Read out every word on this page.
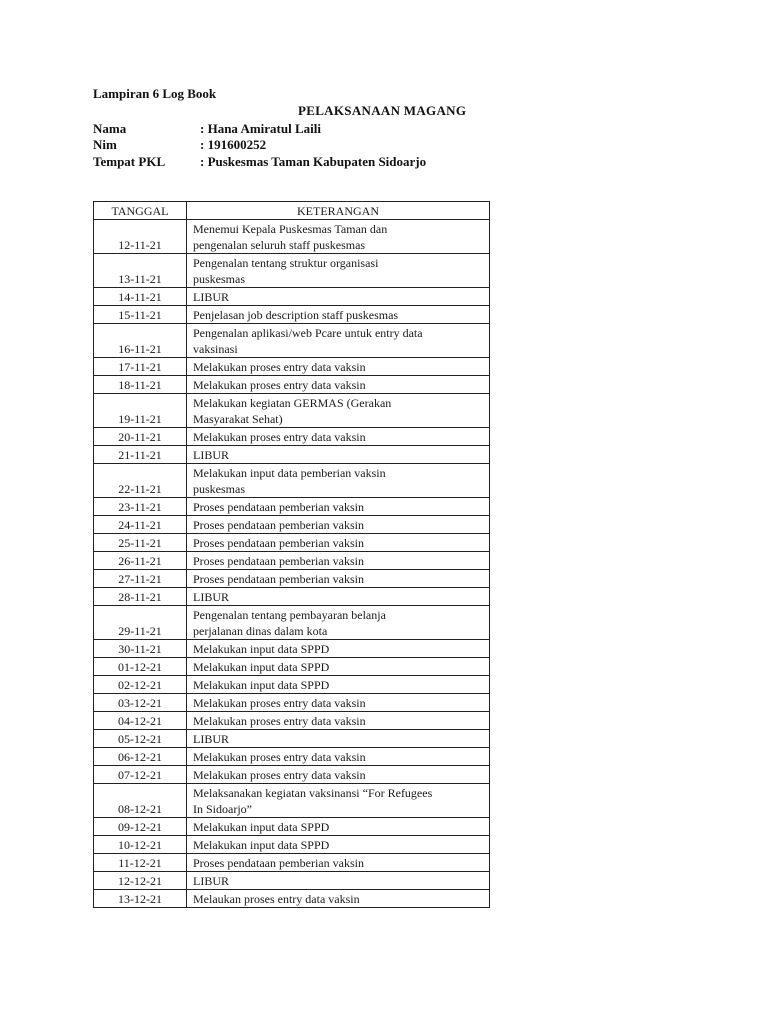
Lampiran 6 Log Book
PELAKSANAAN MAGANG
Nama	: Hana Amiratul Laili
Nim	: 191600252
Tempat PKL	: Puskesmas Taman Kabupaten Sidoarjo
TANGGAL	KETERANGAN
12-11-21	Menemui Kepala Puskesmas Taman dan
pengenalan seluruh staff puskesmas
13-11-21	Pengenalan tentang struktur organisasi
puskesmas
14-11-21	LIBUR
15-11-21	Penjelasan job description staff puskesmas
16-11-21	Pengenalan aplikasi/web Pcare untuk entry data
vaksinasi
17-11-21	Melakukan proses entry data vaksin
18-11-21	Melakukan proses entry data vaksin
19-11-21	Melakukan kegiatan GERMAS (Gerakan
Masyarakat Sehat)
20-11-21	Melakukan proses entry data vaksin
21-11-21	LIBUR
22-11-21	Melakukan input data pemberian vaksin
puskesmas
23-11-21	Proses pendataan pemberian vaksin
24-11-21	Proses pendataan pemberian vaksin
25-11-21	Proses pendataan pemberian vaksin
26-11-21	Proses pendataan pemberian vaksin
27-11-21	Proses pendataan pemberian vaksin
28-11-21	LIBUR
29-11-21	Pengenalan tentang pembayaran belanja
perjalanan dinas dalam kota
30-11-21	Melakukan input data SPPD
01-12-21	Melakukan input data SPPD
02-12-21	Melakukan input data SPPD
03-12-21	Melakukan proses entry data vaksin
04-12-21	Melakukan proses entry data vaksin
05-12-21	LIBUR
06-12-21	Melakukan proses entry data vaksin
07-12-21	Melakukan proses entry data vaksin
08-12-21	Melaksanakan kegiatan vaksinansi “For Refugees
In Sidoarjo”
09-12-21	Melakukan input data SPPD
10-12-21	Melakukan input data SPPD
11-12-21	Proses pendataan pemberian vaksin
12-12-21	LIBUR
13-12-21	Melaukan proses entry data vaksin
